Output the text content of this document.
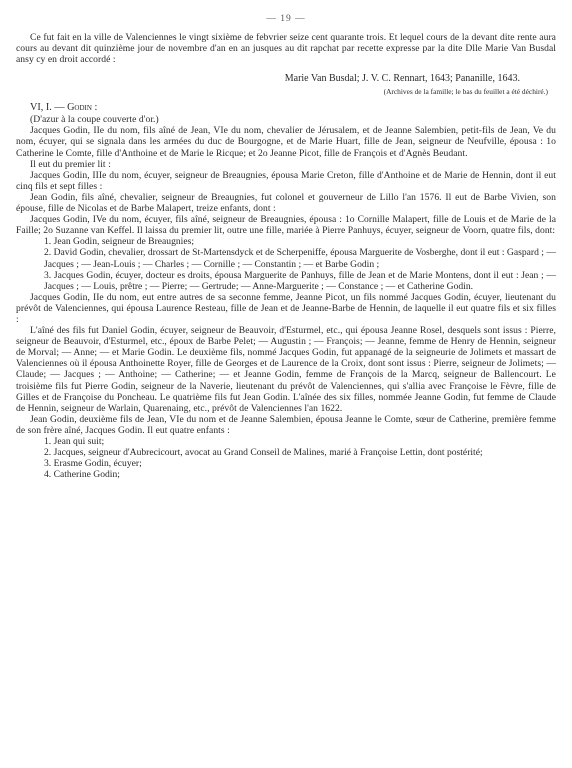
— 19 —

Ce fut fait en la ville de Valenciennes le vingt sixième de febvrier seize cent quarante trois. Et lequel cours de la devant dite rente aura cours au devant dit quinzième jour de novembre d'an en an jusques au dit rapchat par recette expresse par la dite Dlle Marie Van Busdal ansy cy en droit accordé :

Marie Van Busdal; J. V. C. Rennart, 1643; Pananille, 1643.
(Archives de la famille; le bas du feuillet a été déchiré.)
VI, I. — Godin :

(D'azur à la coupe couverte d'or.)

Jacques Godin, IIe du nom, fils aîné de Jean, VIe du nom, chevalier de Jérusalem, et de Jeanne Salembien, petit-fils de Jean, Ve du nom, écuyer, qui se signala dans les armées du duc de Bourgogne, et de Marie Huart, fille de Jean, seigneur de Neufville, épousa : 1o Catherine le Comte, fille d'Anthoine et de Marie le Ricque; et 2o Jeanne Picot, fille de François et d'Agnès Beudant.

Il eut du premier lit :

Jacques Godin, IIIe du nom, écuyer, seigneur de Breaugnies, épousa Marie Creton, fille d'Anthoine et de Marie de Hennin, dont il eut cinq fils et sept filles :

Jean Godin, fils aîné, chevalier, seigneur de Breaugnies, fut colonel et gouverneur de Lillo l'an 1576. Il eut de Barbe Vivien, son épouse, fille de Nicolas et de Barbe Malapert, treize enfants, dont :

Jacques Godin, IVe du nom, écuyer, fils aîné, seigneur de Breaugnies, épousa : 1o Cornille Malapert, fille de Louis et de Marie de la Faille; 2o Suzanne van Keffel. Il laissa du premier lit, outre une fille, mariée à Pierre Panhuys, écuyer, seigneur de Voorn, quatre fils, dont:

1. Jean Godin, seigneur de Breaugnies;

2. David Godin, chevalier, drossart de St-Martensdyck et de Scherpeniffe, épousa Marguerite de Vosberghe, dont il eut : Gaspard ; — Jacques ; — Jean-Louis ; — Charles ; — Cornille ; — Constantin ; — et Barbe Godin ;

3. Jacques Godin, écuyer, docteur es droits, épousa Marguerite de Panhuys, fille de Jean et de Marie Montens, dont il eut : Jean ; — Jacques ; — Louis, prêtre ; — Pierre; — Gertrude; — Anne-Marguerite ; — Constance ; — et Catherine Godin.

Jacques Godin, IIe du nom, eut entre autres de sa seconne femme, Jeanne Picot, un fils nommé Jacques Godin, écuyer, lieutenant du prévôt de Valenciennes, qui épousa Laurence Resteau, fille de Jean et de Jeanne-Barbe de Hennin, de laquelle il eut quatre fils et six filles :

L'aîné des fils fut Daniel Godin, écuyer, seigneur de Beauvoir, d'Esturmel, etc., qui épousa Jeanne Rosel, desquels sont issus : Pierre, seigneur de Beauvoir, d'Esturmel, etc., époux de Barbe Pelet; — Augustin ; — François; — Jeanne, femme de Henry de Hennin, seigneur de Morval; — Anne; — et Marie Godin. Le deuxième fils, nommé Jacques Godin, fut appanagé de la seigneurie de Jolimets et massart de Valenciennes où il épousa Anthoinette Royer, fille de Georges et de Laurence de la Croix, dont sont issus : Pierre, seigneur de Jolimets; — Claude; — Jacques ; — Anthoine; — Catherine; — et Jeanne Godin, femme de François de la Marcq, seigneur de Ballencourt. Le troisième fils fut Pierre Godin, seigneur de la Naverie, lieutenant du prévôt de Valenciennes, qui s'allia avec Françoise le Fèvre, fille de Gilles et de Françoise du Poncheau. Le quatrième fils fut Jean Godin. L'aînée des six filles, nommée Jeanne Godin, fut femme de Claude de Hennin, seigneur de Warlain, Quarenaing, etc., prévôt de Valenciennes l'an 1622.

Jean Godin, deuxième fils de Jean, VIe du nom et de Jeanne Salembien, épousa Jeanne le Comte, sœur de Catherine, première femme de son frère aîné, Jacques Godin. Il eut quatre enfants :

1. Jean qui suit;

2. Jacques, seigneur d'Aubrecicourt, avocat au Grand Conseil de Malines, marié à Françoise Lettin, dont postérité;

3. Erasme Godin, écuyer;

4. Catherine Godin;
